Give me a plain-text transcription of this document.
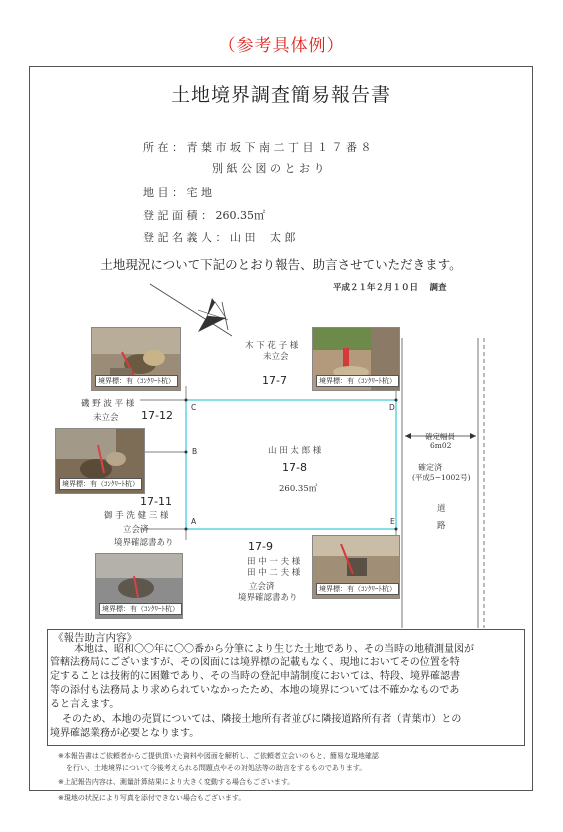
（参考具体例）
土地境界調査簡易報告書
所 在 ： 青 葉 市 坂 下 南 二 丁 目 １ ７ 番 ８
別 紙 公 図 の と お り
地 目 ： 宅 地
登 記 面 積 ： 260.35㎡
登 記 名 義 人 ： 山 田　 太 郎
土地現況について下記のとおり報告、助言させていただきます。
平成２１年２月１０日　 調査
C	D
B
A	E
境界標：有（ｺﾝｸﾘｰﾄ杭）	境界標：有（ｺﾝｸﾘｰﾄ杭）
境界標：有（ｺﾝｸﾘｰﾄ杭）
境界標：有（ｺﾝｸﾘｰﾄ杭）
境界標：有（ｺﾝｸﾘｰﾄ杭）
木 下 花 子 様
未立会
17-7
磯 野 波 平 様
未立会 17-12
山 田 太 郎 様
17-8
260.35㎡
17-11
御 手 洗 健 三 様
立会済
境界確認書あり	17-9
田 中 一 夫 様
田 中 二 夫 様
立会済
境界確認書あり
確定幅員
6m02
確定済
(平成5−1002号)
道
路
《報告助言内容》
本地は、昭和〇〇年に〇〇番から分筆により生じた土地であり、その当時の地積測量図が
管轄法務局にございますが、その図面には境界標の記載もなく、現地においてその位置を特
定することは技術的に困難であり、その当時の登記申請制度においては、特段、境界確認書
等の添付も法務局より求められていなかったため、本地の境界については不確かなものであ
ると言えます。
そのため、本地の売買については、隣接土地所有者並びに隣接道路所有者（青葉市）との
境界確認業務が必要となります。
※本報告書はご依頼者からご提供頂いた資料や図面を解析し、ご依頼者立会いのもと、簡易な現地確認
を行い、土地境界について今後考えられる問題点やその対処法等の助言をするものであります。
※上記報告内容は、測量計算結果により大きく変動する場合もございます。
※現地の状況により写真を添付できない場合もございます。
